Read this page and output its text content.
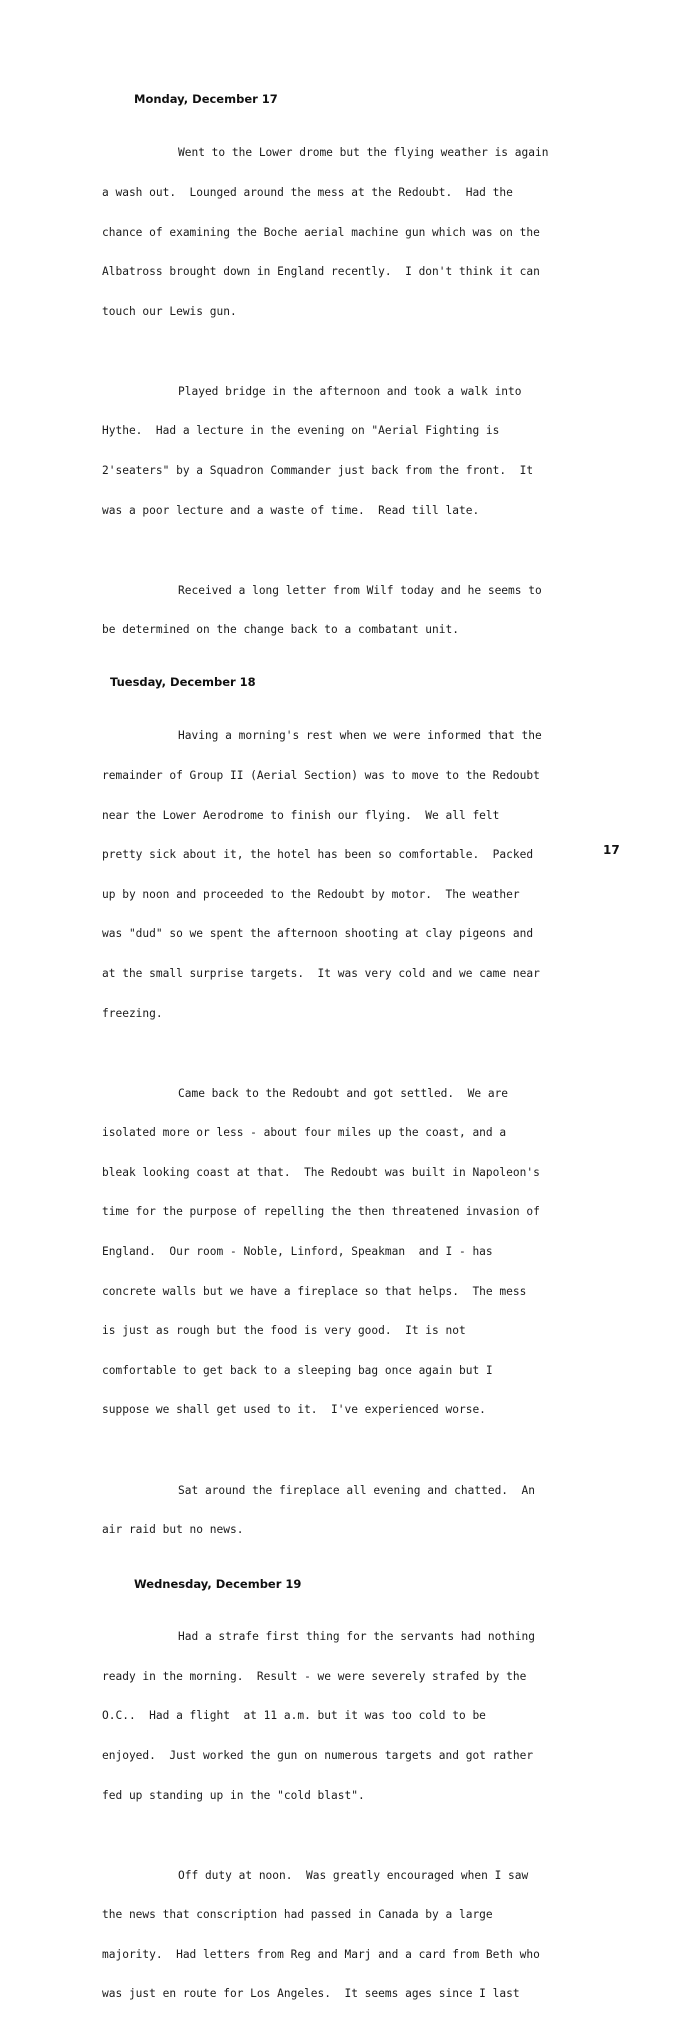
Monday, December 17

Went to the Lower drome but the flying weather is again

a wash out.  Lounged around the mess at the Redoubt.  Had the

chance of examining the Boche aerial machine gun which was on the

Albatross brought down in England recently.  I don't think it can

touch our Lewis gun.

Played bridge in the afternoon and took a walk into

Hythe.  Had a lecture in the evening on "Aerial Fighting is

2'seaters" by a Squadron Commander just back from the front.  It

was a poor lecture and a waste of time.  Read till late.

Received a long letter from Wilf today and he seems to

be determined on the change back to a combatant unit.

Tuesday, December 18

Having a morning's rest when we were informed that the

remainder of Group II (Aerial Section) was to move to the Redoubt

near the Lower Aerodrome to finish our flying.  We all felt

pretty sick about it, the hotel has been so comfortable.  Packed

up by noon and proceeded to the Redoubt by motor.  The weather

was "dud" so we spent the afternoon shooting at clay pigeons and

at the small surprise targets.  It was very cold and we came near

freezing.

Came back to the Redoubt and got settled.  We are

isolated more or less - about four miles up the coast, and a

bleak looking coast at that.  The Redoubt was built in Napoleon's

time for the purpose of repelling the then threatened invasion of

England.  Our room - Noble, Linford, Speakman  and I - has

concrete walls but we have a fireplace so that helps.  The mess

is just as rough but the food is very good.  It is not

comfortable to get back to a sleeping bag once again but I

suppose we shall get used to it.  I've experienced worse.

Sat around the fireplace all evening and chatted.  An

air raid but no news.

Wednesday, December 19

Had a strafe first thing for the servants had nothing

ready in the morning.  Result - we were severely strafed by the

O.C..  Had a flight  at 11 a.m. but it was too cold to be

enjoyed.  Just worked the gun on numerous targets and got rather

fed up standing up in the "cold blast".

Off duty at noon.  Was greatly encouraged when I saw

the news that conscription had passed in Canada by a large

majority.  Had letters from Reg and Marj and a card from Beth who

was just en route for Los Angeles.  It seems ages since I last

17
